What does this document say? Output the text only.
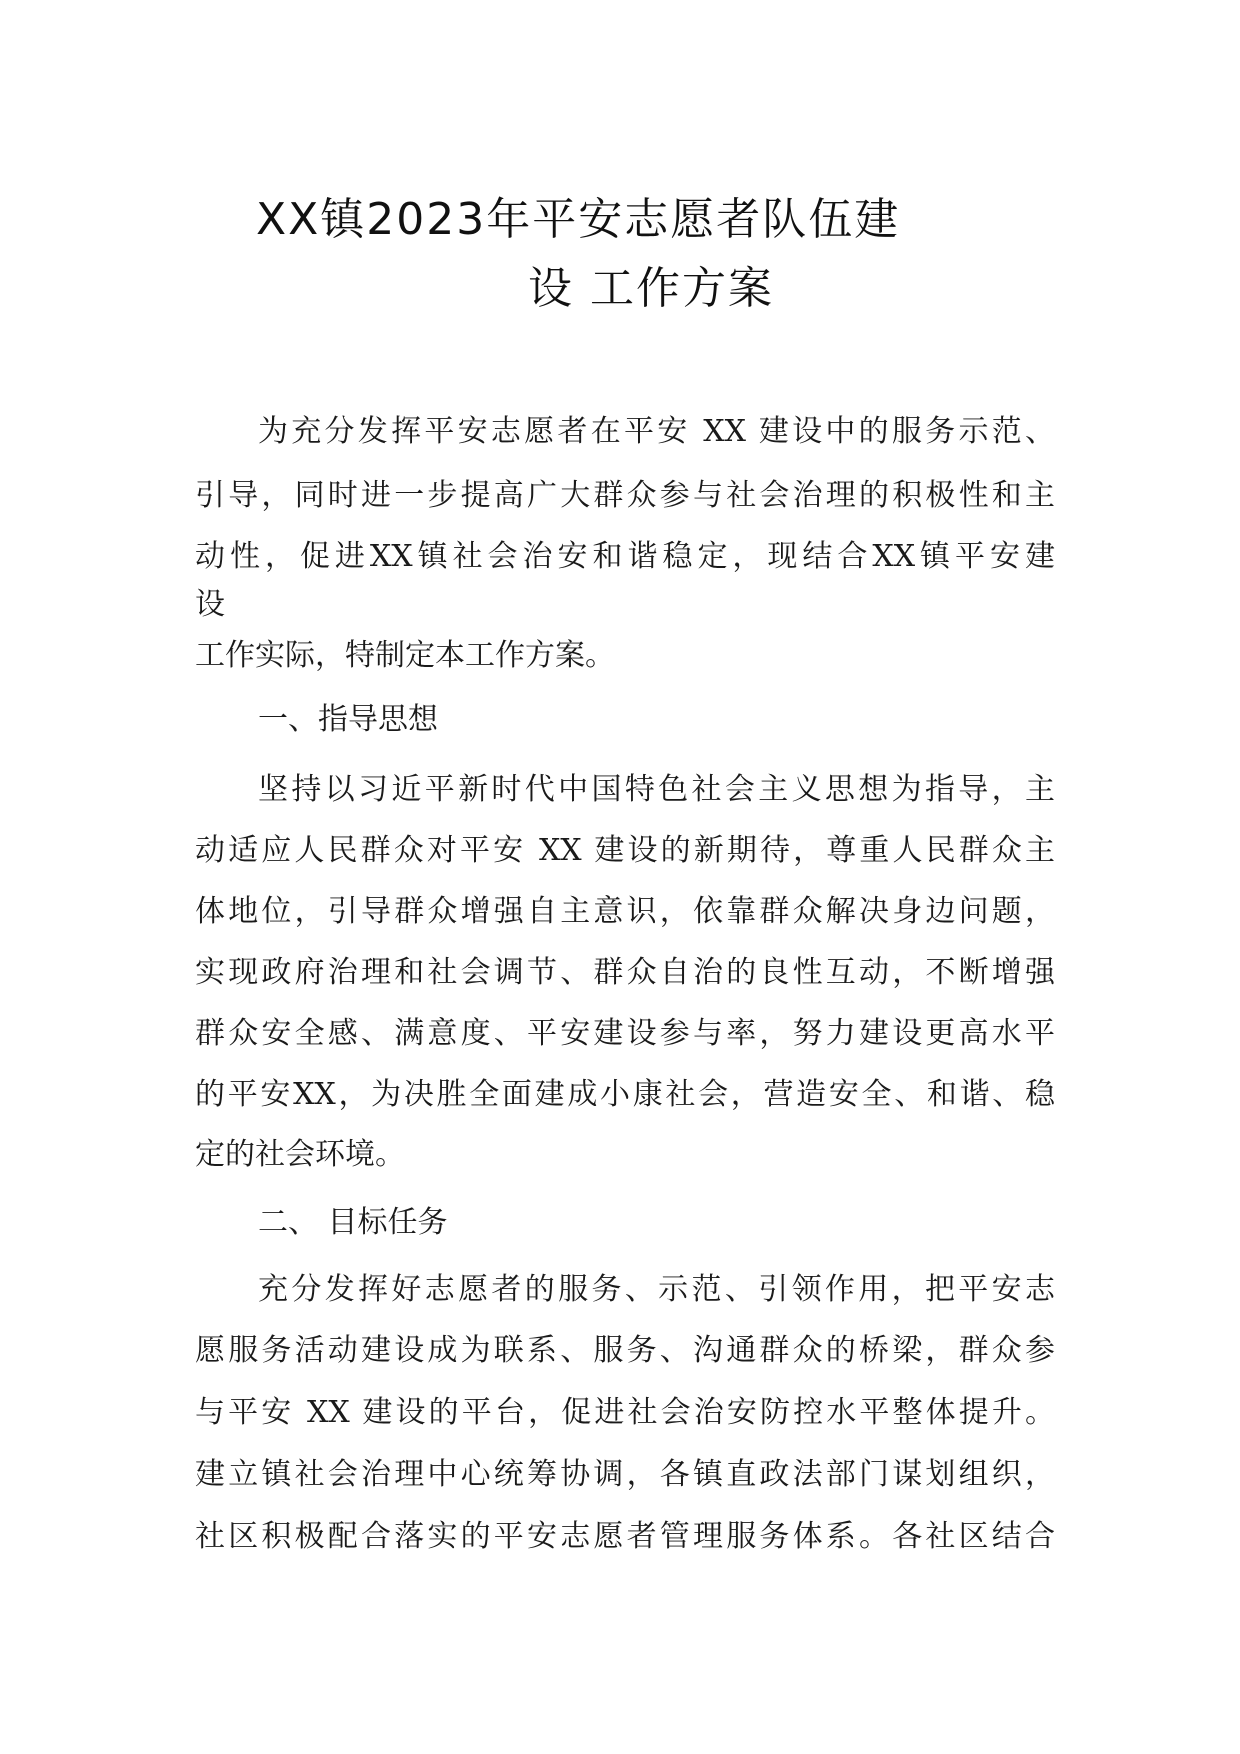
XX镇2023年平安志愿者队伍建
设 工作方案
为充分发挥平安志愿者在平安 XX 建设中的服务示范、
引导，同时进一步提高广大群众参与社会治理的积极性和主
动性，促进XX镇社会治安和谐稳定，现结合XX镇平安建
设
工作实际，特制定本工作方案。
一、指导思想
坚持以习近平新时代中国特色社会主义思想为指导，主
动适应人民群众对平安 XX 建设的新期待，尊重人民群众主
体地位，引导群众增强自主意识，依靠群众解决身边问题，
实现政府治理和社会调节、群众自治的良性互动，不断增强
群众安全感、满意度、平安建设参与率，努力建设更高水平
的平安XX，为决胜全面建成小康社会，营造安全、和谐、稳
定的社会环境。
二、 目标任务
充分发挥好志愿者的服务、示范、引领作用，把平安志
愿服务活动建设成为联系、服务、沟通群众的桥梁，群众参
与平安 XX 建设的平台，促进社会治安防控水平整体提升。
建立镇社会治理中心统筹协调，各镇直政法部门谋划组织，
社区积极配合落实的平安志愿者管理服务体系。各社区结合
